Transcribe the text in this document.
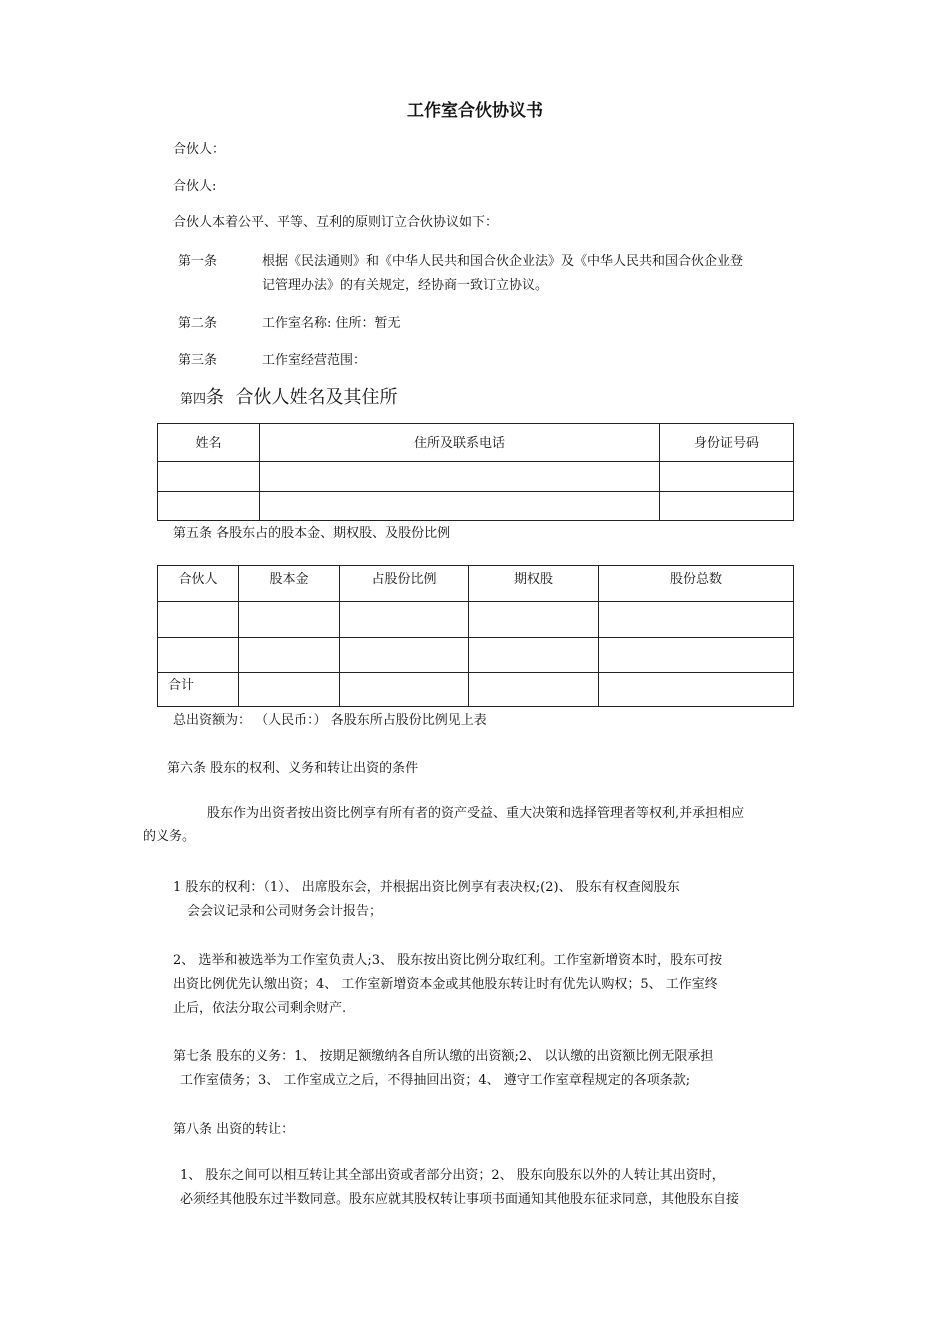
工作室合伙协议书
合伙人：
合伙人:
合伙人本着公平、平等、互利的原则订立合伙协议如下：
第一条	根据《民法通则》和《中华人民共和国合伙企业法》及《中华人民共和国合伙企业登
记管理办法》的有关规定，经协商一致订立协议。
第二条	工作室名称: 住所：暂无
第三条	工作室经营范围：
第四条 合伙人姓名及其住所
姓名	住所及联系电话	身份证号码

第五条 各股东占的股本金、期权股、及股份比例
合伙人	股本金	占股份比例	期权股	股份总数

合计				

总出资额为： （人民币：） 各股东所占股份比例见上表
第六条 股东的权利、义务和转让出资的条件
股东作为出资者按出资比例享有所有者的资产受益、重大决策和选择管理者等权利,并承担相应
的义务。
1 股东的权利：（1）、 出席股东会，并根据出资比例享有表决权;(2)、 股东有权查阅股东
会会议记录和公司财务会计报告；
2、 选举和被选举为工作室负责人;3、 股东按出资比例分取红利。工作室新增资本时，股东可按
出资比例优先认缴出资；4、 工作室新增资本金或其他股东转让时有优先认购权；5、 工作室终
止后，依法分取公司剩余财产.
第七条 股东的义务：1、 按期足额缴纳各自所认缴的出资额;2、 以认缴的出资额比例无限承担
工作室债务；3、 工作室成立之后，不得抽回出资；4、 遵守工作室章程规定的各项条款;
第八条 出资的转让：
1、 股东之间可以相互转让其全部出资或者部分出资；2、 股东向股东以外的人转让其出资时，
必须经其他股东过半数同意。股东应就其股权转让事项书面通知其他股东征求同意，其他股东自接
